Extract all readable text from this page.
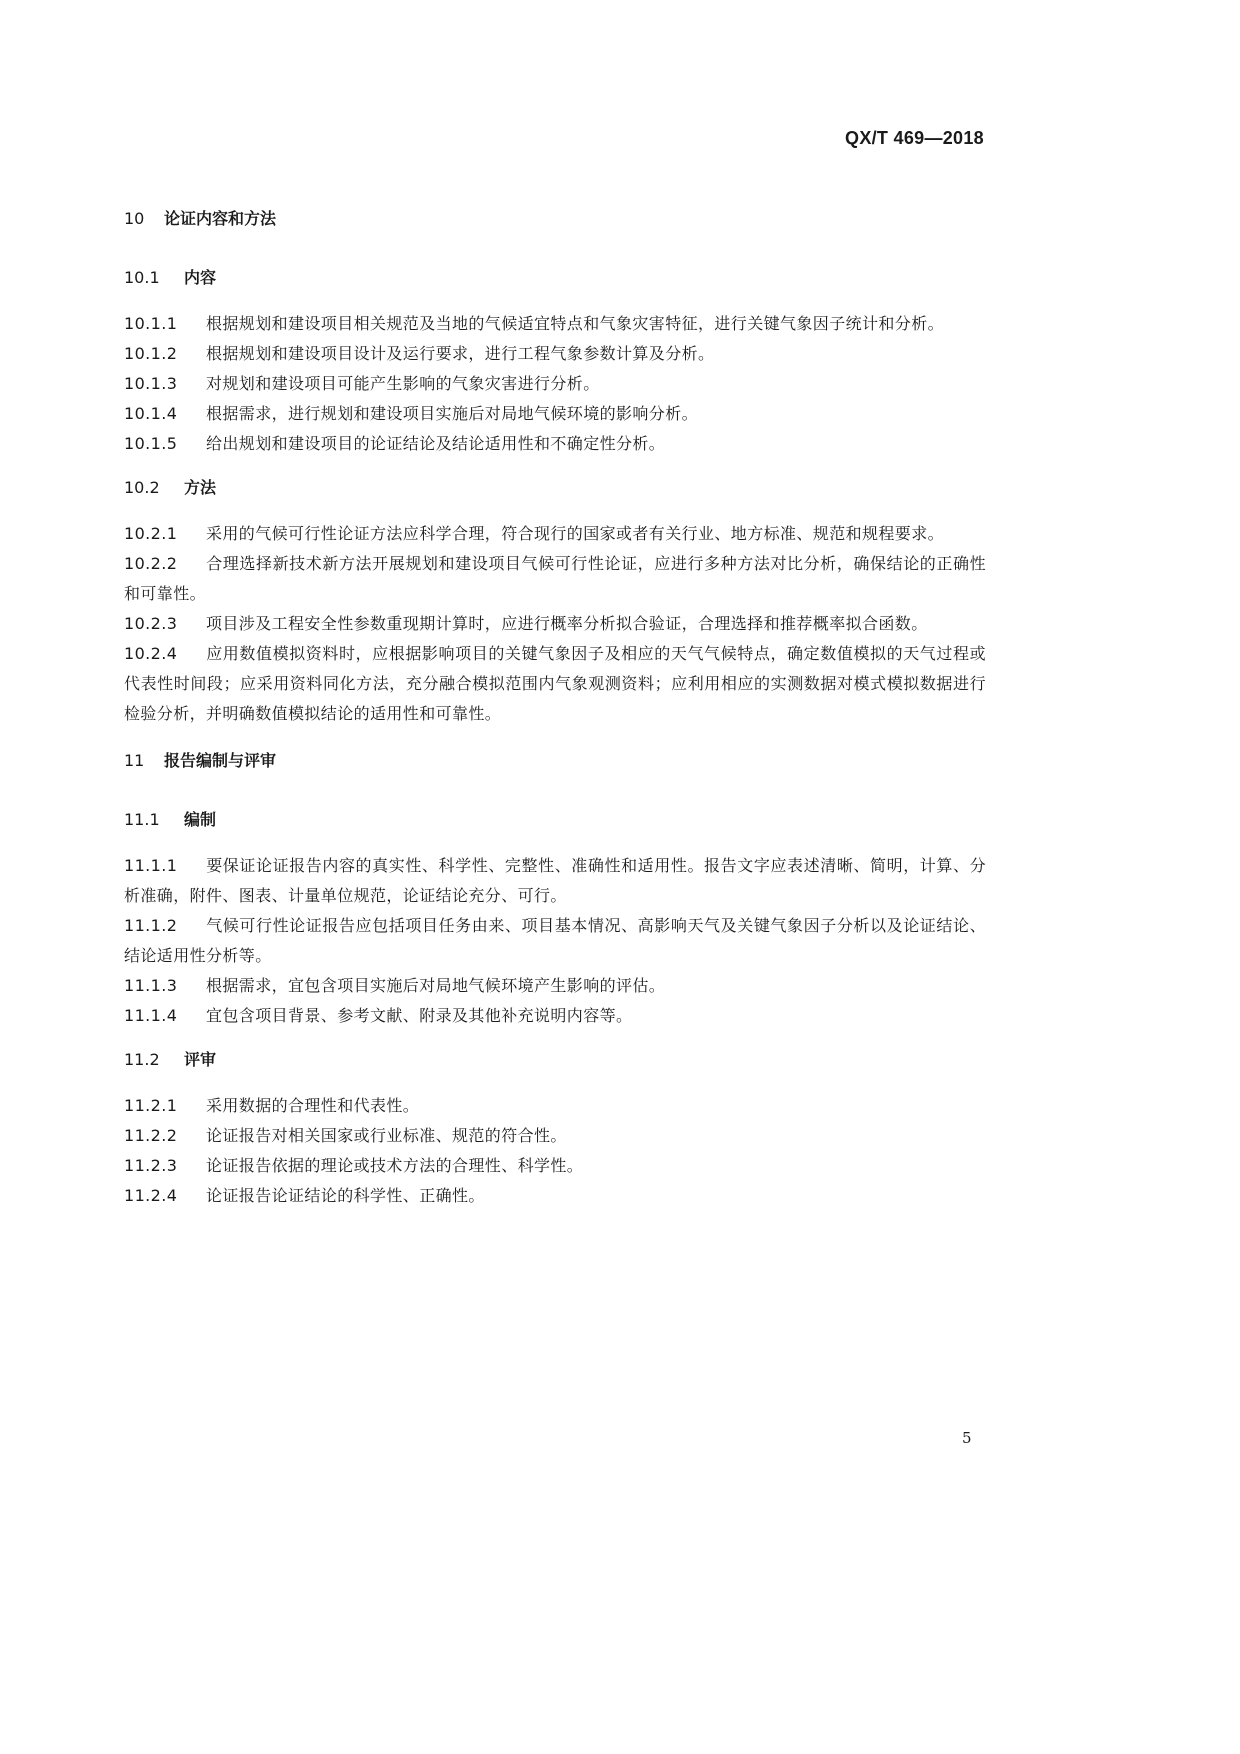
QX/T 469—2018
10 论证内容和方法
10.1 内容
10.1.1 根据规划和建设项目相关规范及当地的气候适宜特点和气象灾害特征，进行关键气象因子统计和分析。
10.1.2 根据规划和建设项目设计及运行要求，进行工程气象参数计算及分析。
10.1.3 对规划和建设项目可能产生影响的气象灾害进行分析。
10.1.4 根据需求，进行规划和建设项目实施后对局地气候环境的影响分析。
10.1.5 给出规划和建设项目的论证结论及结论适用性和不确定性分析。
10.2 方法
10.2.1 采用的气候可行性论证方法应科学合理，符合现行的国家或者有关行业、地方标准、规范和规程要求。
10.2.2 合理选择新技术新方法开展规划和建设项目气候可行性论证，应进行多种方法对比分析，确保结论的正确性和可靠性。
10.2.3 项目涉及工程安全性参数重现期计算时，应进行概率分析拟合验证，合理选择和推荐概率拟合函数。
10.2.4 应用数值模拟资料时，应根据影响项目的关键气象因子及相应的天气气候特点，确定数值模拟的天气过程或代表性时间段；应采用资料同化方法，充分融合模拟范围内气象观测资料；应利用相应的实测数据对模式模拟数据进行检验分析，并明确数值模拟结论的适用性和可靠性。
11 报告编制与评审
11.1 编制
11.1.1 要保证论证报告内容的真实性、科学性、完整性、准确性和适用性。报告文字应表述清晰、简明，计算、分析准确，附件、图表、计量单位规范，论证结论充分、可行。
11.1.2 气候可行性论证报告应包括项目任务由来、项目基本情况、高影响天气及关键气象因子分析以及论证结论、结论适用性分析等。
11.1.3 根据需求，宜包含项目实施后对局地气候环境产生影响的评估。
11.1.4 宜包含项目背景、参考文献、附录及其他补充说明内容等。
11.2 评审
11.2.1 采用数据的合理性和代表性。
11.2.2 论证报告对相关国家或行业标准、规范的符合性。
11.2.3 论证报告依据的理论或技术方法的合理性、科学性。
11.2.4 论证报告论证结论的科学性、正确性。
5
